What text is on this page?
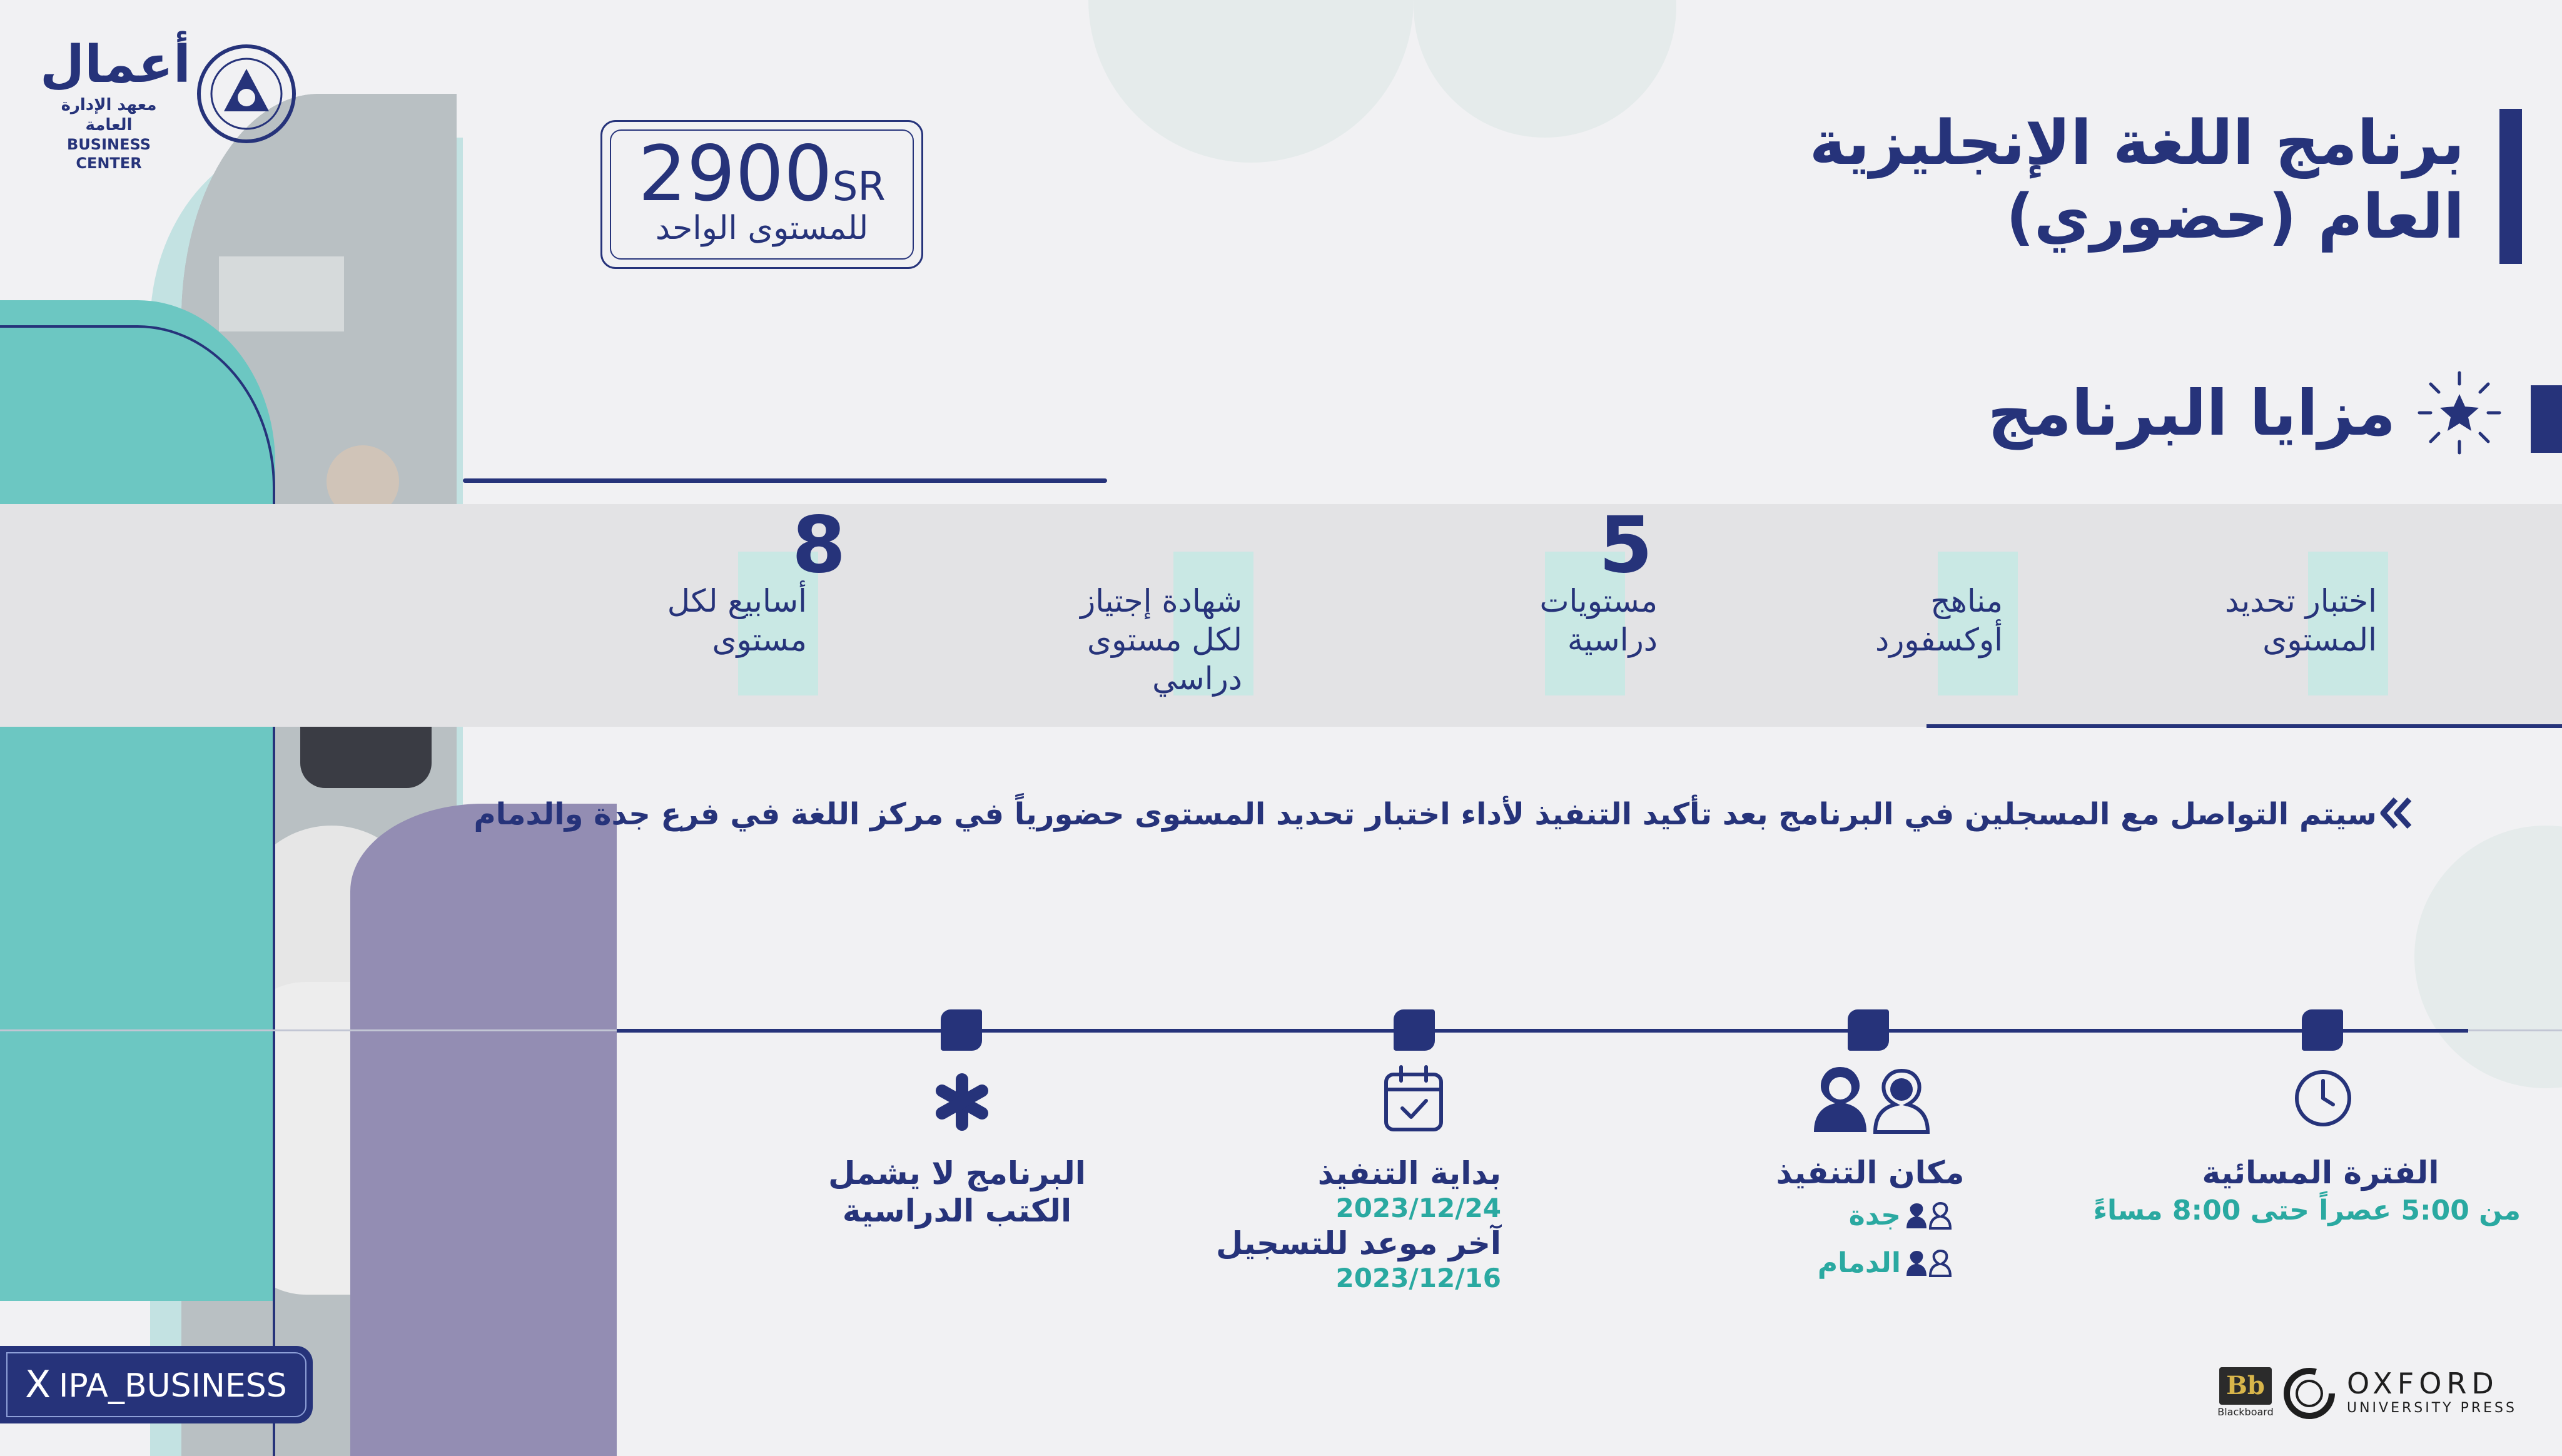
أعمال
معهد الإدارة العامة
BUSINESS CENTER	برنامج اللغة الإنجليزية
العام (حضوري)
2900SR
للمستوى الواحد
مزايا البرنامج
اختبار تحديد المستوى
مناهج أوكسفورد
5
مستويات دراسية
شهادة إجتياز لكل مستوى دراسي
8
أسابيع لكل مستوى
سيتم التواصل مع المسجلين في البرنامج بعد تأكيد التنفيذ لأداء اختبار تحديد المستوى حضورياً في مركز اللغة في فرع جدة والدمام
الفترة المسائية
من 5:00 عصراً حتى 8:00 مساءً
مكان التنفيذ
جدة
الدمام
بداية التنفيذ
2023/12/24
آخر موعد للتسجيل
2023/12/16
البرنامج لا يشمل الكتب الدراسية
X IPA_BUSINESS	Bb
Blackboard
OXFORD
UNIVERSITY PRESS
